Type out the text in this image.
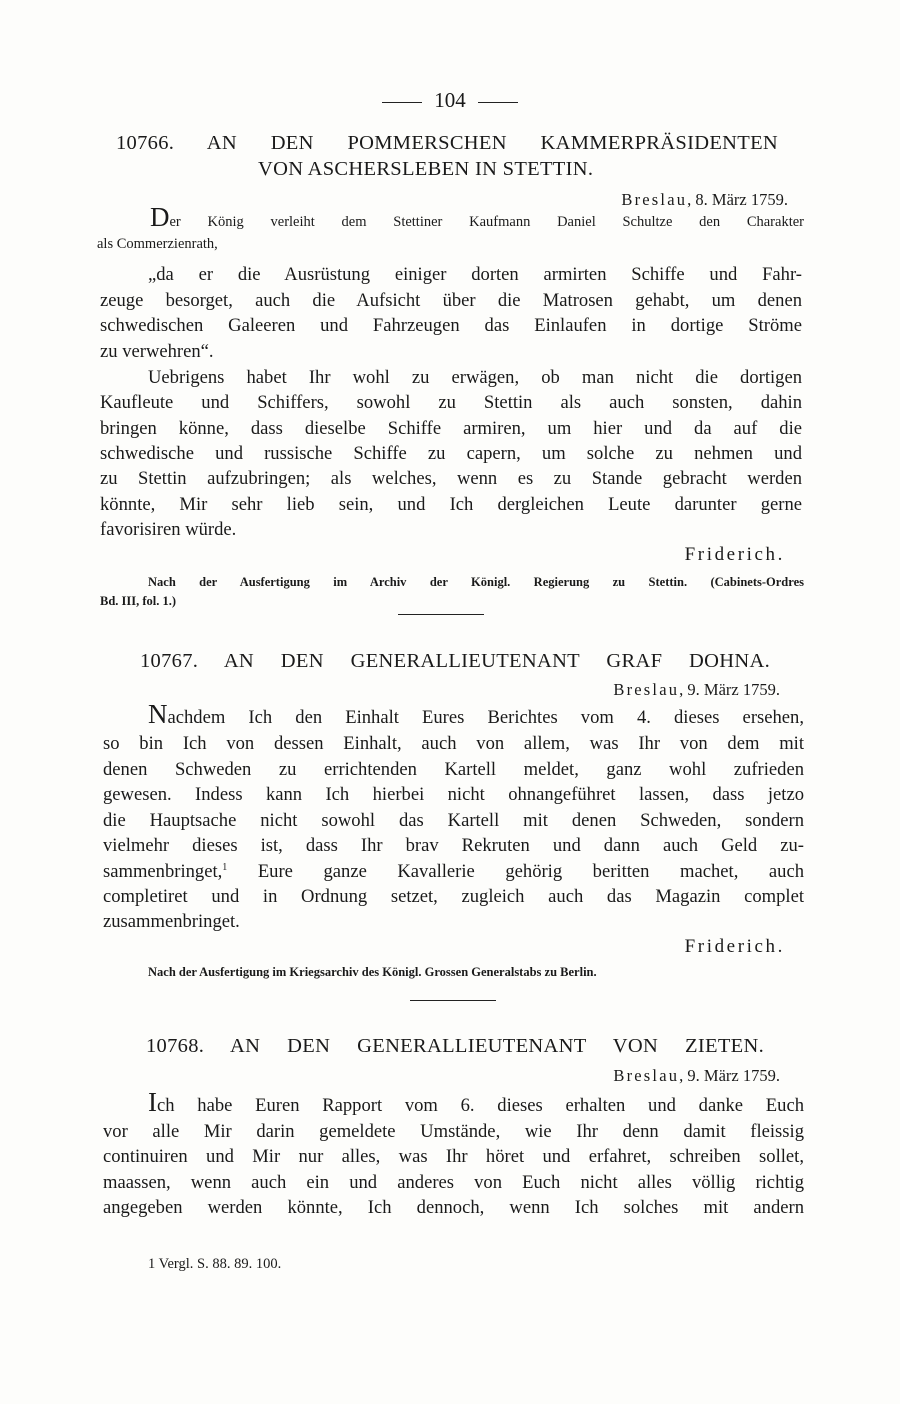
104
10766. AN DEN POMMERSCHEN KAMMERPRÄSIDENTEN
VON ASCHERSLEBEN IN STETTIN.
Breslau, 8. März 1759.
Der König verleiht dem Stettiner Kaufmann Daniel Schultze den Charakter
als Commerzienrath,
„da er die Ausrüstung einiger dorten armirten Schiffe und Fahr-
zeuge besorget, auch die Aufsicht über die Matrosen gehabt, um denen
schwedischen Galeeren und Fahrzeugen das Einlaufen in dortige Ströme
zu verwehren“.
Uebrigens habet Ihr wohl zu erwägen, ob man nicht die dortigen
Kaufleute und Schiffers, sowohl zu Stettin als auch sonsten, dahin
bringen könne, dass dieselbe Schiffe armiren, um hier und da auf die
schwedische und russische Schiffe zu capern, um solche zu nehmen und
zu Stettin aufzubringen; als welches, wenn es zu Stande gebracht werden
könnte, Mir sehr lieb sein, und Ich dergleichen Leute darunter gerne
favorisiren würde.
Friderich.
Nach der Ausfertigung im Archiv der Königl. Regierung zu Stettin. (Cabinets-Ordres
Bd. III, fol. 1.)
10767. AN DEN GENERALLIEUTENANT GRAF DOHNA.
Breslau, 9. März 1759.
Nachdem Ich den Einhalt Eures Berichtes vom 4. dieses ersehen,
so bin Ich von dessen Einhalt, auch von allem, was Ihr von dem mit
denen Schweden zu errichtenden Kartell meldet, ganz wohl zufrieden
gewesen. Indess kann Ich hierbei nicht ohnangeführet lassen, dass jetzo
die Hauptsache nicht sowohl das Kartell mit denen Schweden, sondern
vielmehr dieses ist, dass Ihr brav Rekruten und dann auch Geld zu-
sammenbringet,$^1$ Eure ganze Kavallerie gehörig beritten machet, auch
completiret und in Ordnung setzet, zugleich auch das Magazin complet
zusammenbringet.
Friderich.
Nach der Ausfertigung im Kriegsarchiv des Königl. Grossen Generalstabs zu Berlin.
10768. AN DEN GENERALLIEUTENANT VON ZIETEN.
Breslau, 9. März 1759.
Ich habe Euren Rapport vom 6. dieses erhalten und danke Euch
vor alle Mir darin gemeldete Umstände, wie Ihr denn damit fleissig
continuiren und Mir nur alles, was Ihr höret und erfahret, schreiben sollet,
maassen, wenn auch ein und anderes von Euch nicht alles völlig richtig
angegeben werden könnte, Ich dennoch, wenn Ich solches mit andern
1 Vergl. S. 88. 89. 100.
